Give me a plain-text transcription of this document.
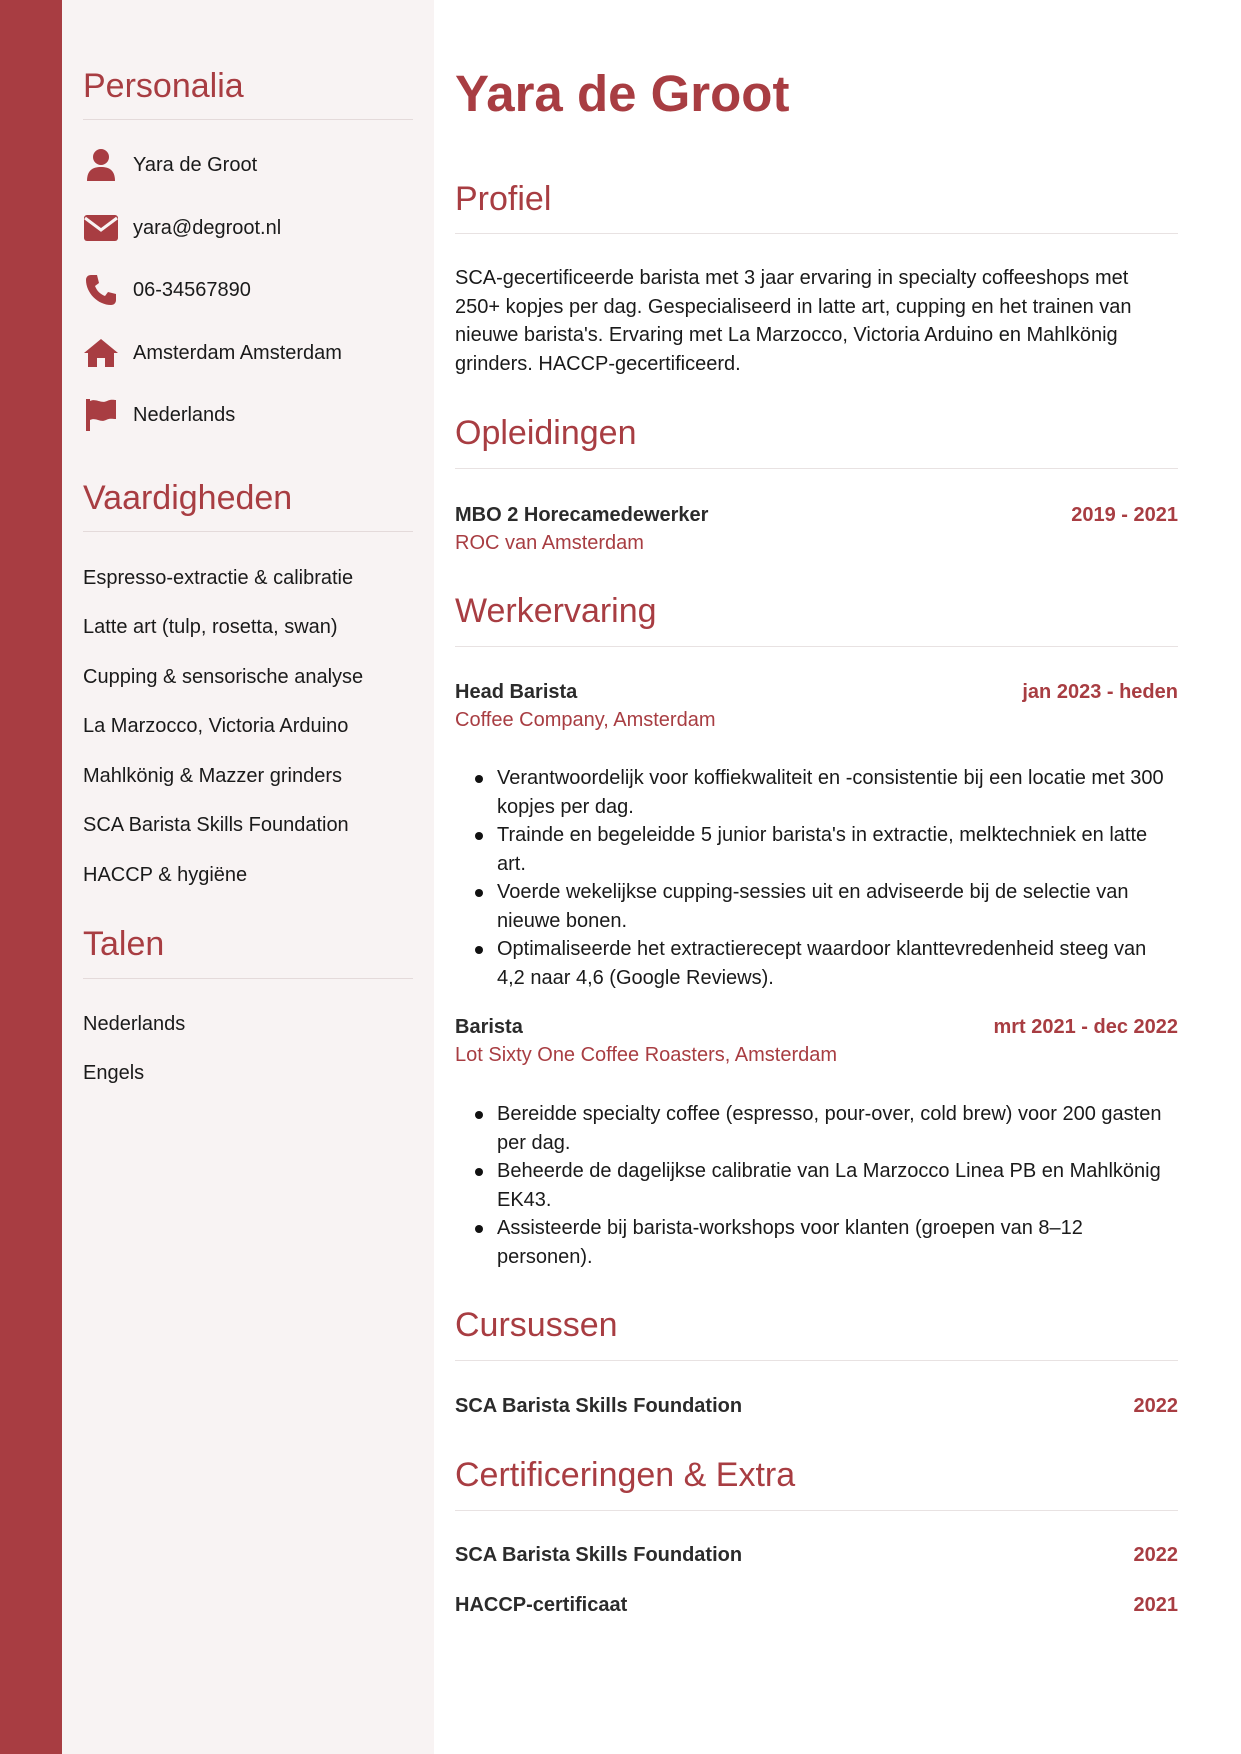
Personalia
Yara de Groot
yara@degroot.nl
06-34567890
Amsterdam Amsterdam
Nederlands
Vaardigheden
Espresso-extractie & calibratie
Latte art (tulp, rosetta, swan)
Cupping & sensorische analyse
La Marzocco, Victoria Arduino
Mahlkönig & Mazzer grinders
SCA Barista Skills Foundation
HACCP & hygiëne
Talen
Nederlands
Engels
Yara de Groot
Profiel

SCA-gecertificeerde barista met 3 jaar ervaring in specialty coffeeshops met 250+ kopjes per dag. Gespecialiseerd in latte art, cupping en het trainen van nieuwe barista's. Ervaring met La Marzocco, Victoria Arduino en Mahlkönig grinders. HACCP-gecertificeerd.

Opleidingen
MBO 2 Horecamedewerker	2019 - 2021
ROC van Amsterdam
Werkervaring
Head Barista	jan 2023 - heden
Coffee Company, Amsterdam
Verantwoordelijk voor koffiekwaliteit en -consistentie bij een locatie met 300 kopjes per dag.
Trainde en begeleidde 5 junior barista's in extractie, melktechniek en latte art.
Voerde wekelijkse cupping-sessies uit en adviseerde bij de selectie van nieuwe bonen.
Optimaliseerde het extractierecept waardoor klanttevredenheid steeg van 4,2 naar 4,6 (Google Reviews).
Barista	mrt 2021 - dec 2022
Lot Sixty One Coffee Roasters, Amsterdam
Bereidde specialty coffee (espresso, pour-over, cold brew) voor 200 gasten per dag.
Beheerde de dagelijkse calibratie van La Marzocco Linea PB en Mahlkönig EK43.
Assisteerde bij barista-workshops voor klanten (groepen van 8–12 personen).
Cursussen
SCA Barista Skills Foundation	2022
Certificeringen & Extra
SCA Barista Skills Foundation	2022
HACCP-certificaat	2021
